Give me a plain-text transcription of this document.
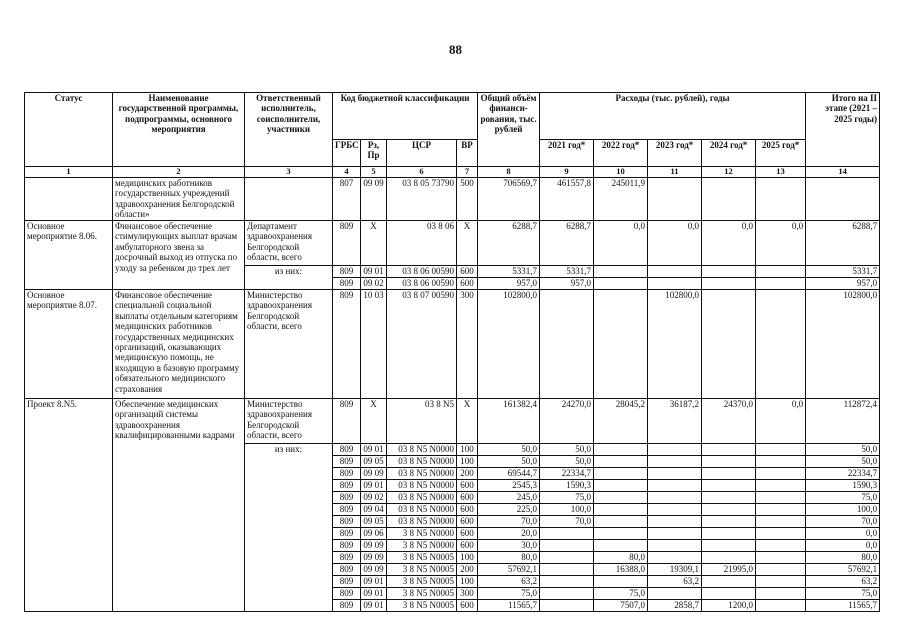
88
Статус	Наименование государственной программы, подпрограммы, основного мероприятия	Ответственный исполнитель, соисполнители, участники	Код бюджетной классификации				Общий объём финанси-рования, тыс. рублей	Расходы (тыс. рублей), годы					Итого на II этапе (2021 – 2025 годы)
			ГРБС	Рз, Пр	ЦСР	ВР		2021 год*	2022 год*	2023 год*	2024 год*	2025 год*	
1	2	3	4	5	6	7	8	9	10	11	12	13	14
	медицинских работников государственных учреждений здравоохранения Белгородской области»		807	09 09	03 8 05 73790	500	706569,7	461557,8	245011,9				
Основное мероприятие 8.06.	Финансовое обеспечение стимулирующих выплат врачам амбулаторного звена за досрочный выход из отпуска по уходу за ребенком до трех лет	Департамент здравоохранения Белгородской области, всего	809	Х	03 8 06	Х	6288,7	6288,7	0,0	0,0	0,0	0,0	6288,7
		из них:	809	09 01	03 8 06 00590	600	5331,7	5331,7					5331,7
			809	09 02	03 8 06 00590	600	957,0	957,0					957,0
Основное мероприятие 8.07.	Финансовое обеспечение специальной социальной выплаты отдельным категориям медицинских работников государственных медицинских организаций, оказывающих медицинскую помощь, не входящую в базовую программу обязательного медицинского страхования	Министерство здравоохранения Белгородской области, всего	809	10 03	03 8 07 00590	300	102800,0			102800,0			102800,0
Проект 8.N5.	Обеспечение медицинских организаций системы здравоохранения квалифицированными кадрами	Министерство здравоохранения Белгородской области, всего	809	Х	03 8 N5	Х	161382,4	24270,0	28045,2	36187,2	24370,0	0,0	112872,4
		из них:	809	09 01	03 8 N5 N0000	100	50,0	50,0					50,0
			809	09 05	03 8 N5 N0000	100	50,0	50,0					50,0
			809	09 09	03 8 N5 N0000	200	69544,7	22334,7					22334,7
			809	09 01	03 8 N5 N0000	600	2545,3	1590,3					1590,3
			809	09 02	03 8 N5 N0000	600	245,0	75,0					75,0
			809	09 04	03 8 N5 N0000	600	225,0	100,0					100,0
			809	09 05	03 8 N5 N0000	600	70,0	70,0					70,0
			809	09 06	3 8 N5 N0000	600	20,0						0,0
			809	09 09	3 8 N5 N0000	600	30,0						0,0
			809	09 09	3 8 N5 N0005	100	80,0		80,0				80,0
			809	09 09	3 8 N5 N0005	200	57692,1		16388,0	19309,1	21995,0		57692,1
			809	09 01	3 8 N5 N0005	100	63,2			63,2			63,2
			809	09 01	3 8 N5 N0005	300	75,0		75,0				75,0
			809	09 01	3 8 N5 N0005	600	11565,7		7507,0	2858,7	1200,0		11565,7
